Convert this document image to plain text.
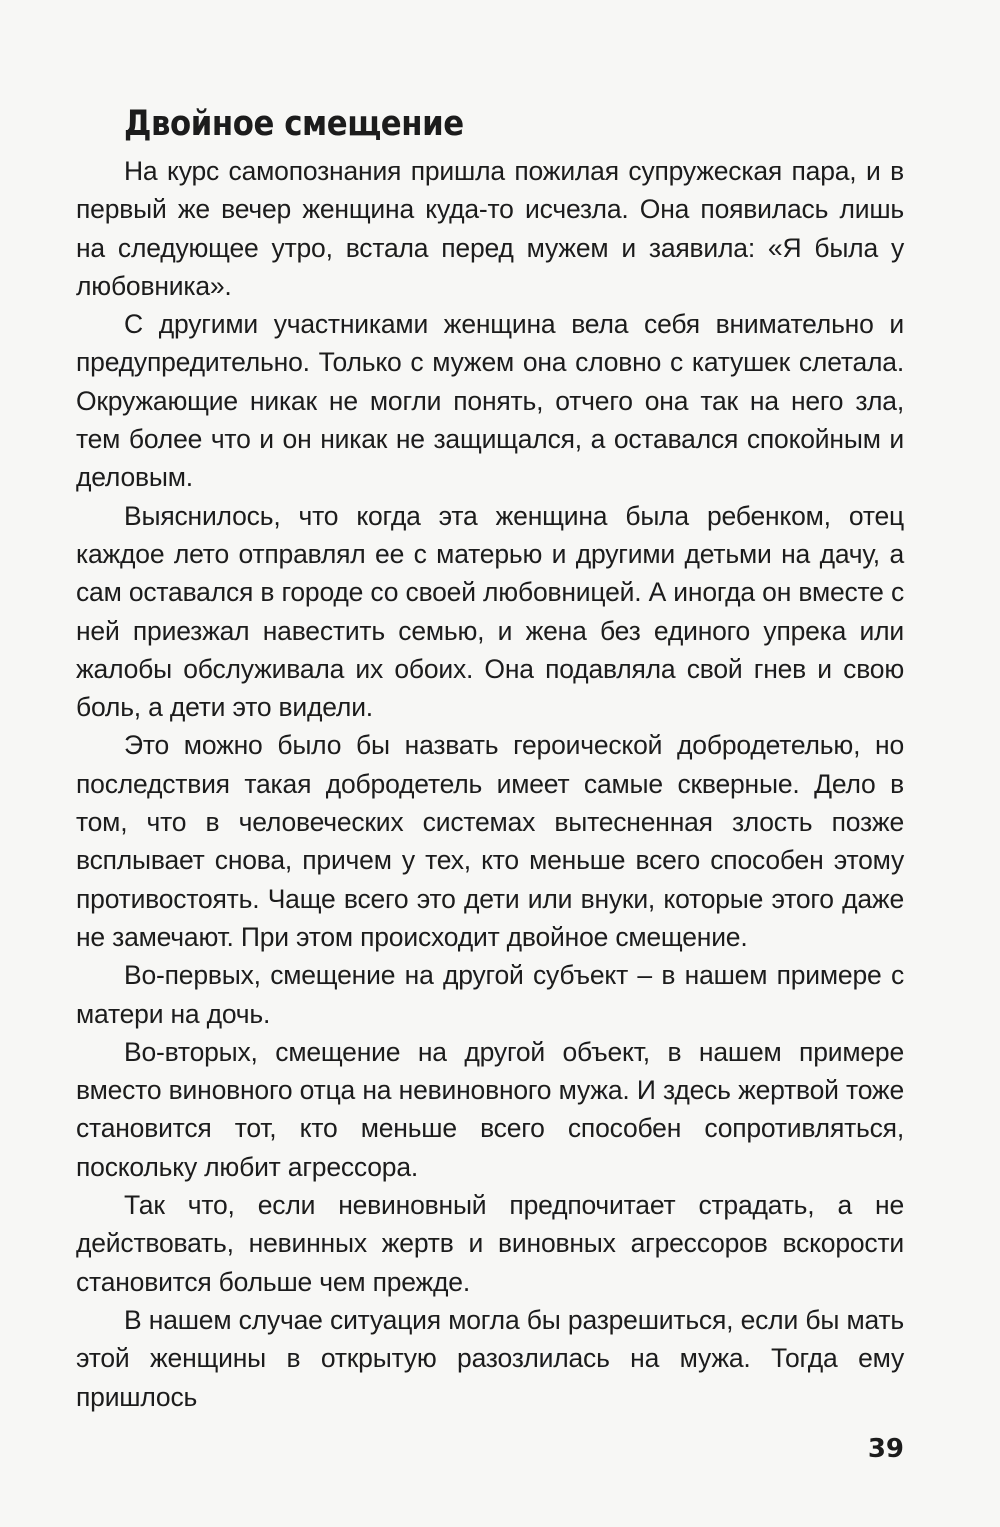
Двойное смещение

На курс самопознания пришла пожилая супружеская пара, и в первый же вечер женщина куда-то исчезла. Она появилась лишь на следующее утро, встала перед мужем и заявила: «Я была у любовника».

С другими участниками женщина вела себя внимательно и предупредительно. Только с мужем она словно с катушек слетала. Окружающие никак не могли понять, отчего она так на него зла, тем более что и он никак не защищался, а оставался спокойным и деловым.

Выяснилось, что когда эта женщина была ребенком, отец каждое лето отправлял ее с матерью и другими детьми на дачу, а сам оставался в городе со своей любовницей. А иногда он вместе с ней приезжал навестить семью, и жена без единого упрека или жалобы обслуживала их обоих. Она подавляла свой гнев и свою боль, а дети это видели.

Это можно было бы назвать героической добродетелью, но последствия такая добродетель имеет самые скверные. Дело в том, что в человеческих системах вытесненная злость позже всплывает снова, причем у тех, кто меньше всего способен этому противостоять. Чаще всего это дети или внуки, которые этого даже не замечают. При этом происходит двойное смещение.

Во-первых, смещение на другой субъект – в нашем примере с матери на дочь.

Во-вторых, смещение на другой объект, в нашем примере вместо виновного отца на невиновного мужа. И здесь жертвой тоже становится тот, кто меньше всего способен сопротивляться, поскольку любит агрессора.

Так что, если невиновный предпочитает страдать, а не действовать, невинных жертв и виновных агрессоров вскорости становится больше чем прежде.

В нашем случае ситуация могла бы разрешиться, если бы мать этой женщины в открытую разозлилась на мужа. Тогда ему пришлось

39
